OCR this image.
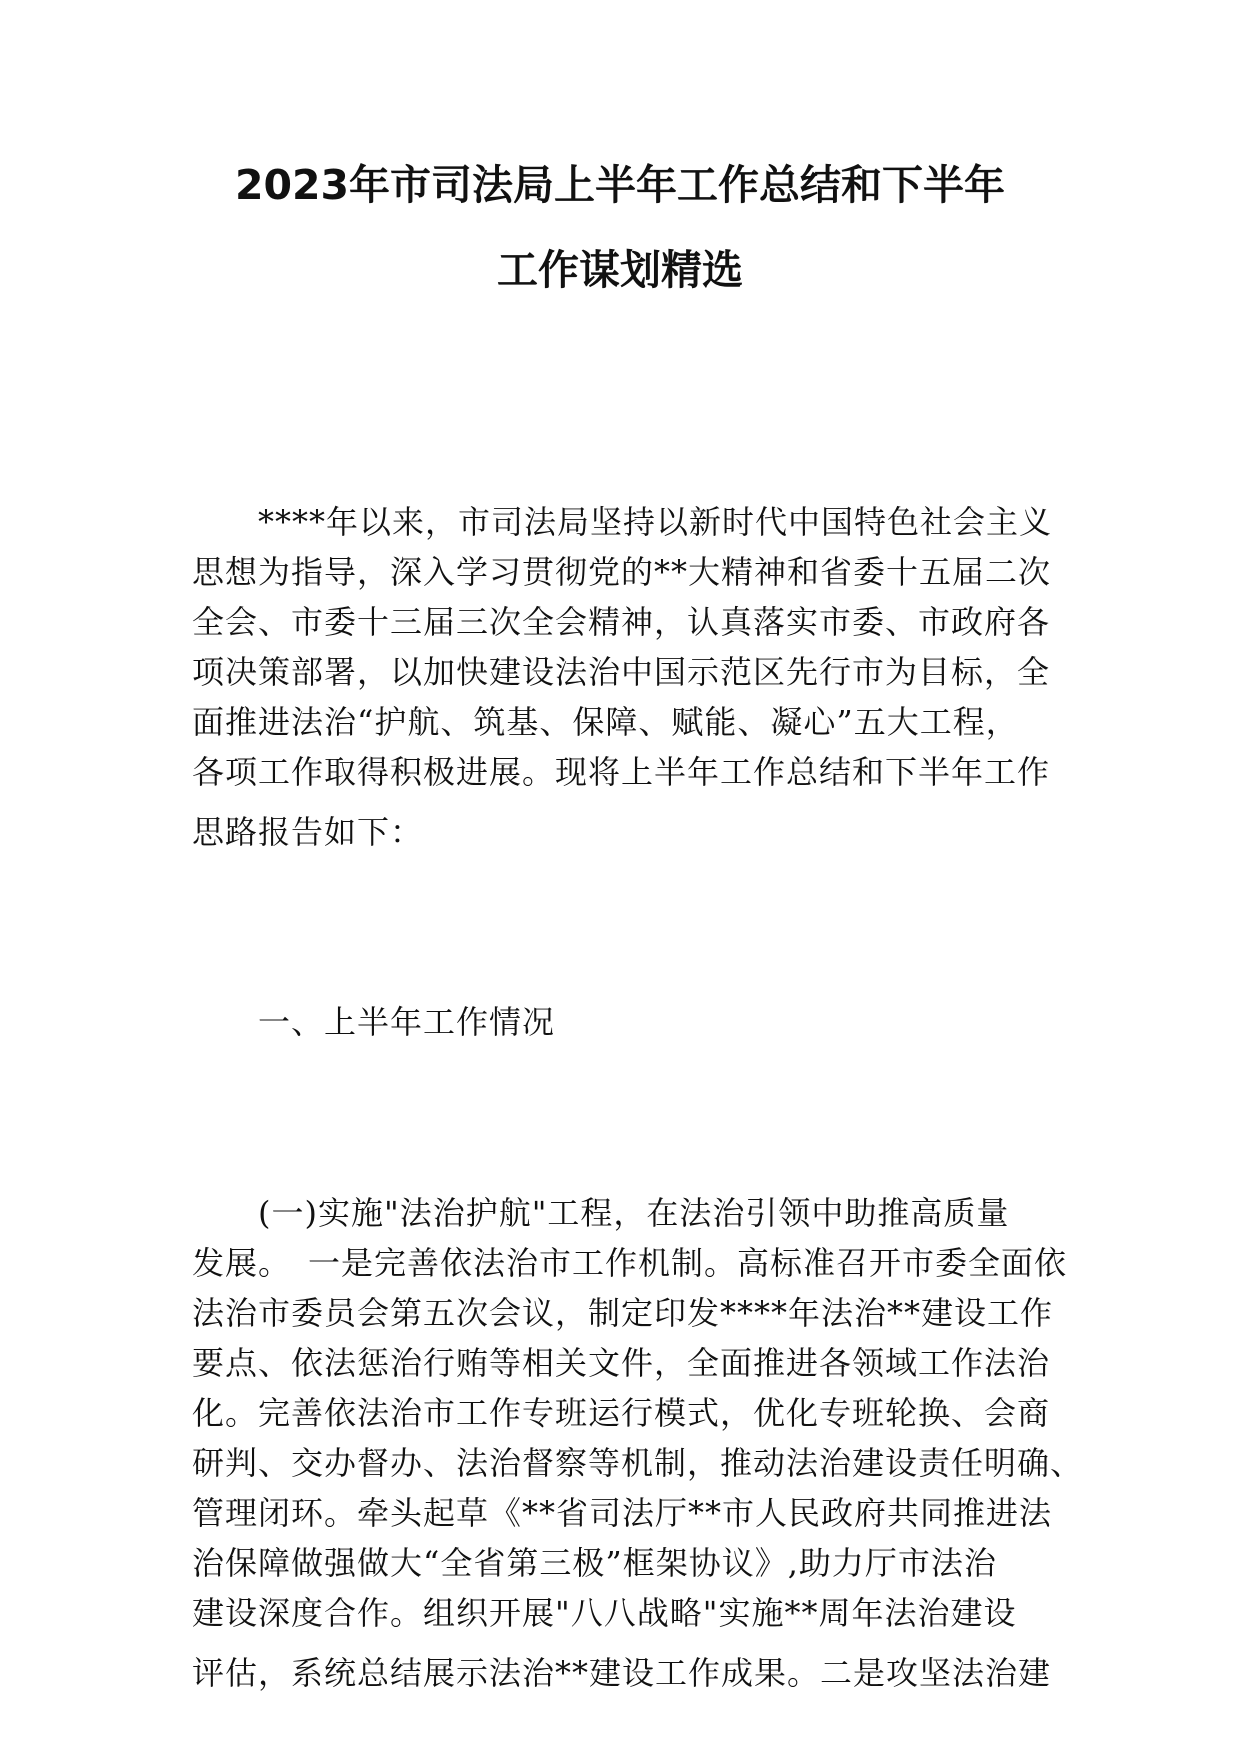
2023年市司法局上半年工作总结和下半年
工作谋划精选
　　****年以来，市司法局坚持以新时代中国特色社会主义
思想为指导，深入学习贯彻党的**大精神和省委十五届二次
全会、市委十三届三次全会精神，认真落实市委、市政府各
项决策部署，以加快建设法治中国示范区先行市为目标，全
面推进法治“护航、筑基、保障、赋能、凝心”五大工程，
各项工作取得积极进展。现将上半年工作总结和下半年工作
思路报告如下：
　　一、上半年工作情况
　　(一)实施"法治护航"工程，在法治引领中助推高质量
发展。　一是完善依法治市工作机制。高标准召开市委全面依
法治市委员会第五次会议，制定印发****年法治**建设工作
要点、依法惩治行贿等相关文件，全面推进各领域工作法治
化。完善依法治市工作专班运行模式，优化专班轮换、会商
研判、交办督办、法治督察等机制，推动法治建设责任明确、
管理闭环。牵头起草《**省司法厅**市人民政府共同推进法
治保障做强做大“全省第三极”框架协议》,助力厅市法治
建设深度合作。组织开展"八八战略"实施**周年法治建设
评估，系统总结展示法治**建设工作成果。二是攻坚法治建
